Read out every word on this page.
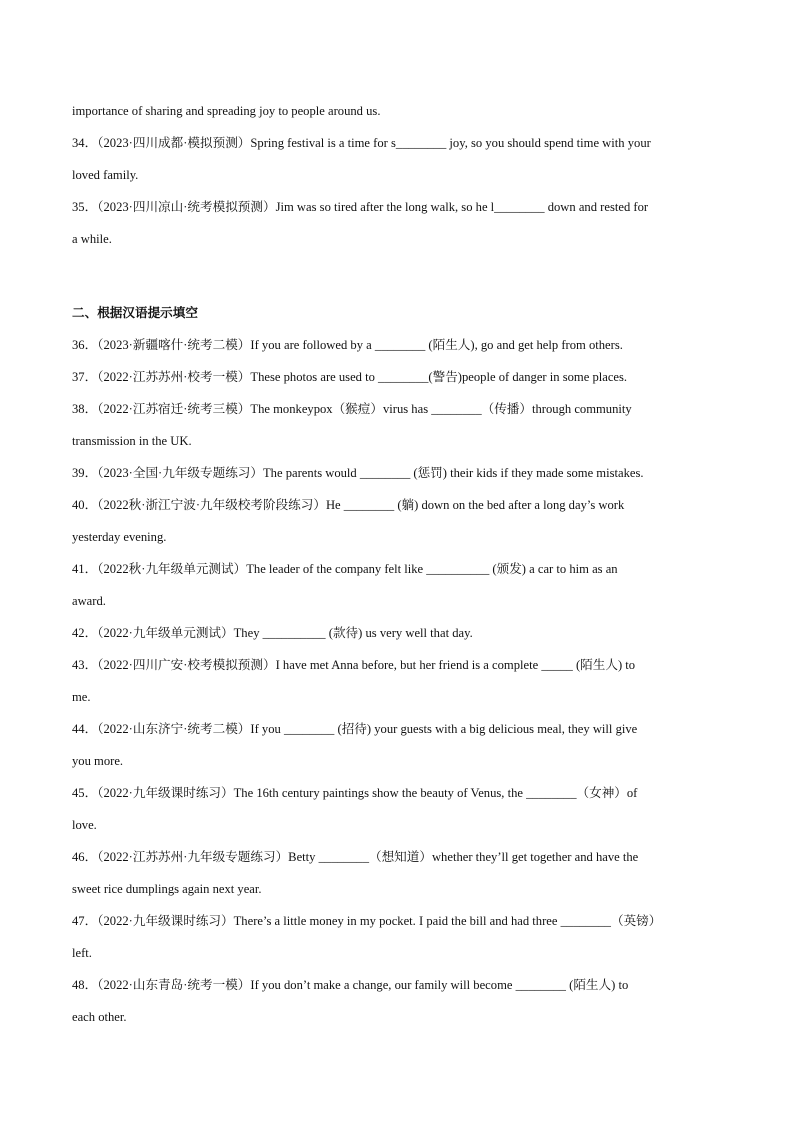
importance of sharing and spreading joy to people around us.
34．（2023·四川成都·模拟预测）Spring festival is a time for s________ joy, so you should spend time with your
loved family.
35．（2023·四川凉山·统考模拟预测）Jim was so tired after the long walk, so he l________ down and rested for
a while.
二、根据汉语提示填空
36．（2023·新疆喀什·统考二模）If you are followed by a ________ (陌生人), go and get help from others.
37．（2022·江苏苏州·校考一模）These photos are used to ________(警告)people of danger in some places.
38．（2022·江苏宿迁·统考三模）The monkeypox（猴痘）virus has ________（传播）through community
transmission in the UK.
39．（2023·全国·九年级专题练习）The parents would ________ (惩罚) their kids if they made some mistakes.
40．（2022秋·浙江宁波·九年级校考阶段练习）He ________ (躺) down on the bed after a long day’s work
yesterday evening.
41．（2022秋·九年级单元测试）The leader of the company felt like __________ (颁发) a car to him as an
award.
42．（2022·九年级单元测试）They __________ (款待) us very well that day.
43．（2022·四川广安·校考模拟预测）I have met Anna before, but her friend is a complete _____ (陌生人) to
me.
44．（2022·山东济宁·统考二模）If you ________ (招待) your guests with a big delicious meal, they will give
you more.
45．（2022·九年级课时练习）The 16th century paintings show the beauty of Venus, the ________（女神）of
love.
46．（2022·江苏苏州·九年级专题练习）Betty ________（想知道）whether they’ll get together and have the
sweet rice dumplings again next year.
47．（2022·九年级课时练习）There’s a little money in my pocket. I paid the bill and had three ________（英镑）
left.
48．（2022·山东青岛·统考一模）If you don’t make a change, our family will become ________ (陌生人) to
each other.
